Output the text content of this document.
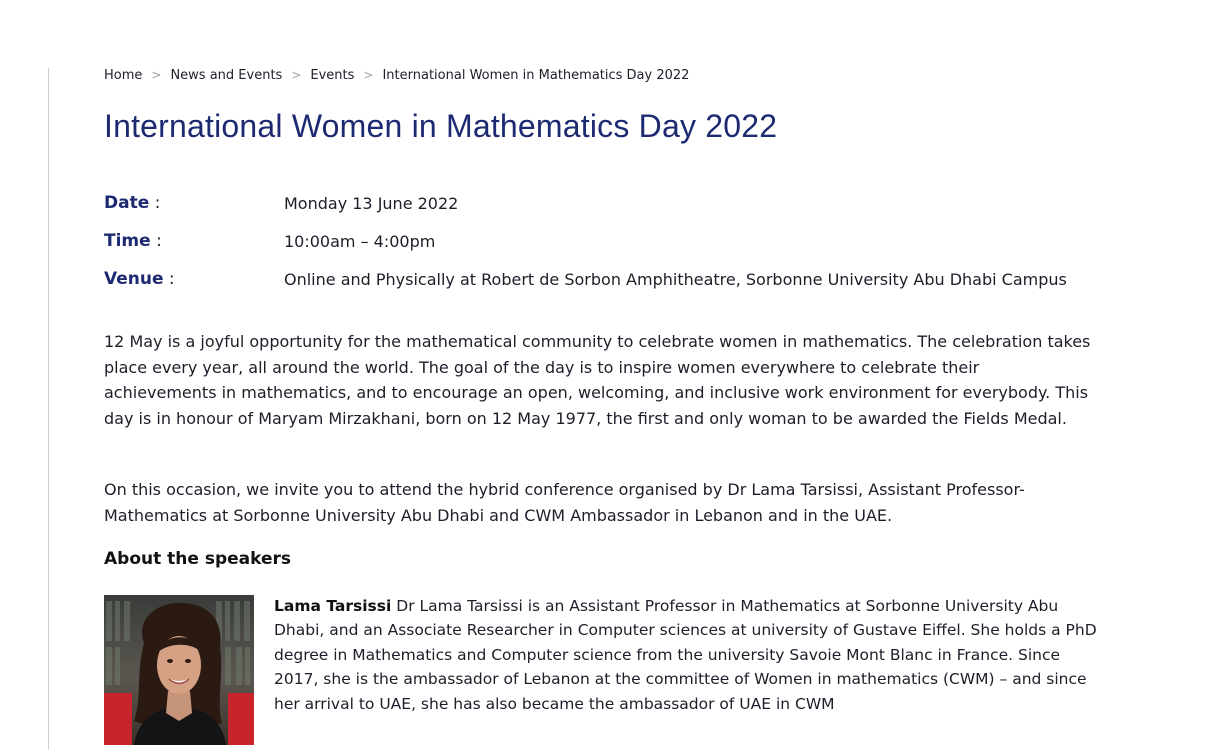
Home > News and Events > Events > International Women in Mathematics Day 2022
International Women in Mathematics Day 2022
Date :	Monday 13 June 2022
Time :	10:00am – 4:00pm
Venue :	Online and Physically at Robert de Sorbon Amphitheatre, Sorbonne University Abu Dhabi Campus

12 May is a joyful opportunity for the mathematical community to celebrate women in mathematics. The celebration takes place every year, all around the world. The goal of the day is to inspire women everywhere to celebrate their achievements in mathematics, and to encourage an open, welcoming, and inclusive work environment for everybody. This day is in honour of Maryam Mirzakhani, born on 12 May 1977, the first and only woman to be awarded the Fields Medal.

On this occasion, we invite you to attend the hybrid conference organised by Dr Lama Tarsissi, Assistant Professor-Mathematics at Sorbonne University Abu Dhabi and CWM Ambassador in Lebanon and in the UAE.

About the speakers

Lama Tarsissi Dr Lama Tarsissi is an Assistant Professor in Mathematics at Sorbonne University Abu Dhabi, and an Associate Researcher in Computer sciences at university of Gustave Eiffel. She holds a PhD degree in Mathematics and Computer science from the university Savoie Mont Blanc in France. Since 2017, she is the ambassador of Lebanon at the committee of Women in mathematics (CWM) – and since her arrival to UAE, she has also became the ambassador of UAE in CWM
